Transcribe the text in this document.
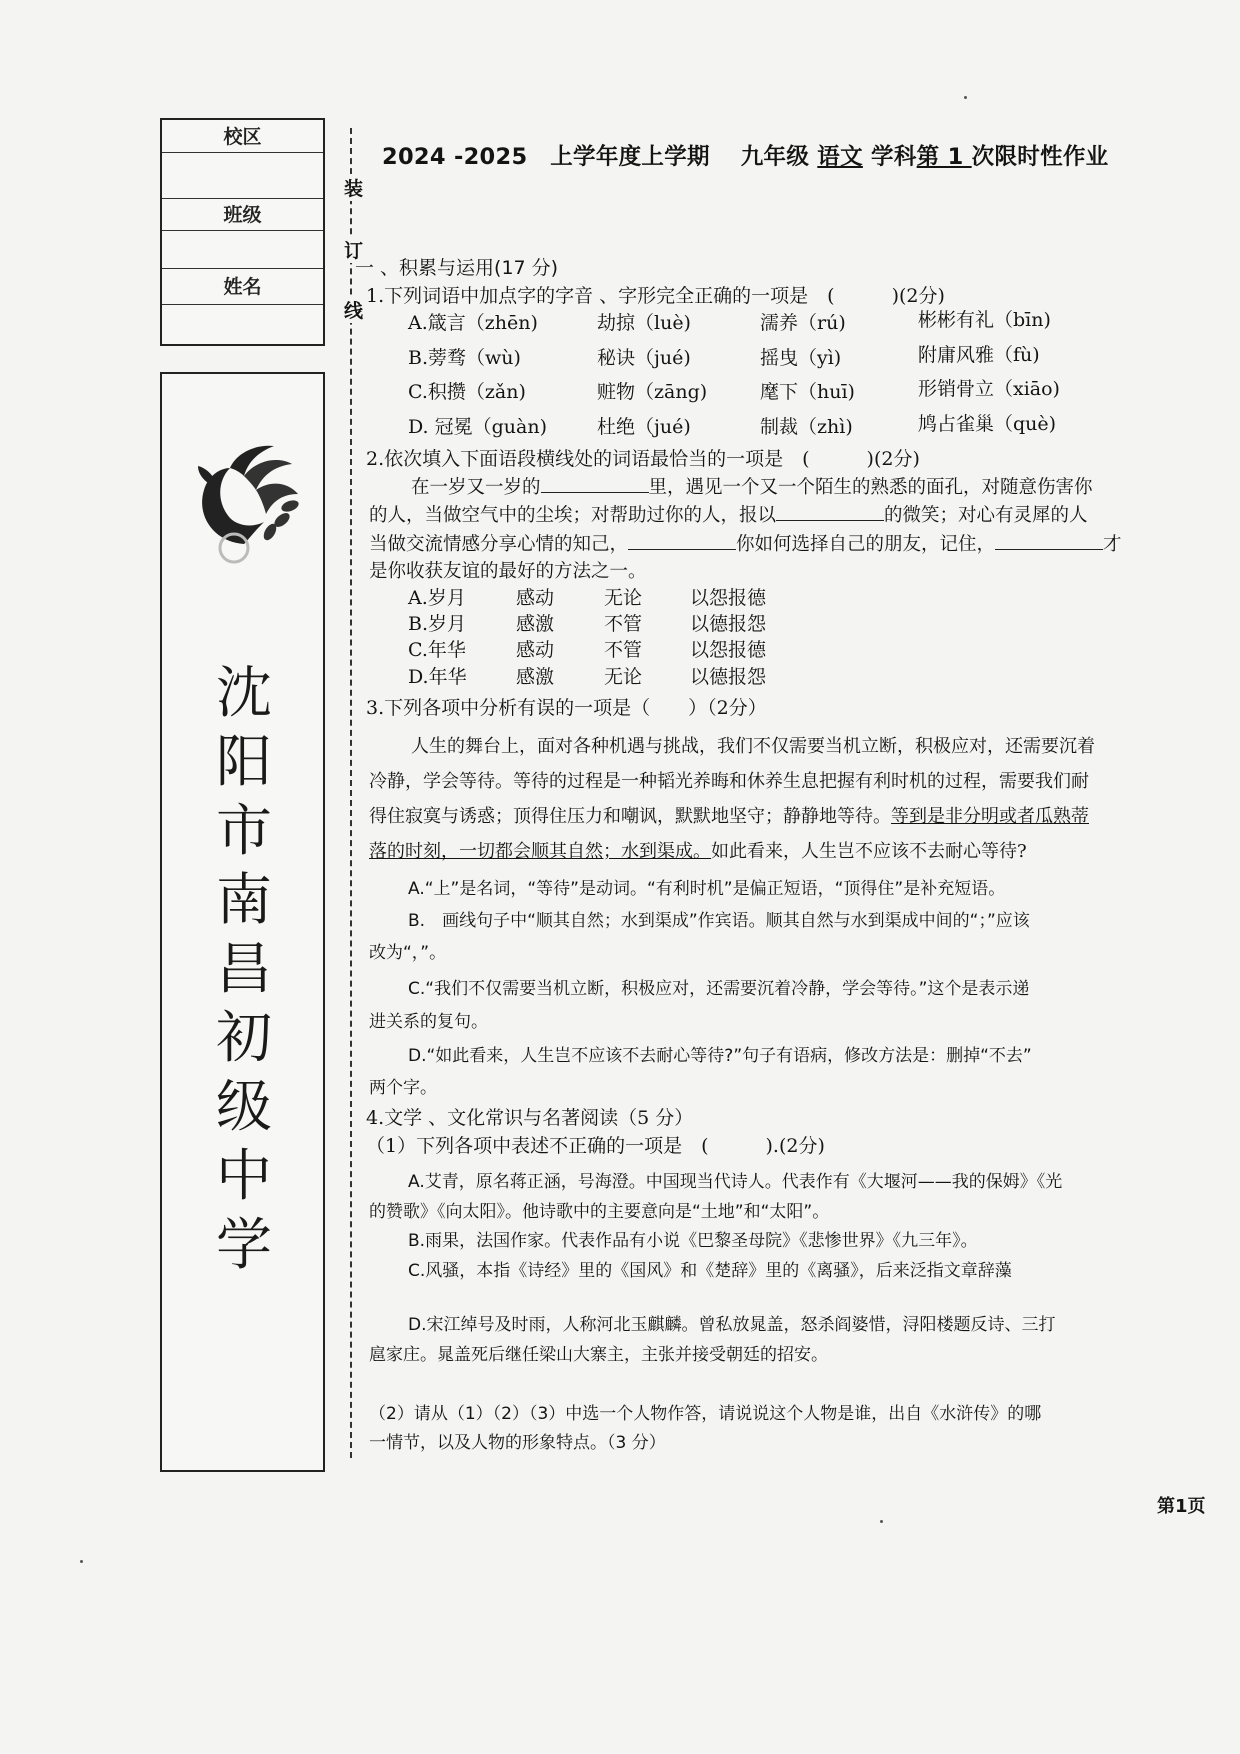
校区
班级
姓名
沈
阳
市
南
昌
初
级
中
学
装
订
线
2024 -2025　上学年度上学期　 九年级 语文 学科第 1 次限时性作业
一 、积累与运用(17 分)
1.下列词语中加点字的字音 、字形完全正确的一项是　(　　　)(2分)
A.箴言（zhēn)	劫掠（luè)	濡养（rú)	彬彬有礼（bīn)
B.蒡骛（wù)	秘诀（jué)	摇曳（yì)	附庸风雅（fù)
C.积攒（zǎn)	赃物（zāng)	麾下（huī)	形销骨立（xiāo)
D. 冠冕（guàn)	杜绝（jué)	制裁（zhì)	鸠占雀巢（què)
2.依次填入下面语段横线处的词语最恰当的一项是　(　　　)(2分)
在一岁又一岁的	里，遇见一个又一个陌生的熟悉的面孔，对随意伤害你
的人，当做空气中的尘埃；对帮助过你的人，报以	的微笑；对心有灵犀的人
当做交流情感分享心情的知己，	你如何选择自己的朋友，记住，	才
是你收获友谊的最好的方法之一。
A.岁月	感动	无论	以怨报德
B.岁月	感激	不管	以德报怨
C.年华	感动	不管	以怨报德
D.年华	感激	无论	以德报怨
3.下列各项中分析有误的一项是（　　）（2分）
人生的舞台上，面对各种机遇与挑战，我们不仅需要当机立断，积极应对，还需要沉着
冷静，学会等待。等待的过程是一种韬光养晦和休养生息把握有利时机的过程，需要我们耐
得住寂寞与诱惑；顶得住压力和嘲讽，默默地坚守；静静地等待。等到是非分明或者瓜熟蒂
落的时刻，一切都会顺其自然；水到渠成。如此看来，人生岂不应该不去耐心等待?
A.“上”是名词，“等待”是动词。“有利时机”是偏正短语，“顶得住”是补充短语。
B.　画线句子中“顺其自然；水到渠成”作宾语。顺其自然与水到渠成中间的“；”应该
改为“，”。
C.“我们不仅需要当机立断，积极应对，还需要沉着冷静，学会等待。”这个是表示递
进关系的复句。
D.“如此看来，人生岂不应该不去耐心等待?”句子有语病，修改方法是：删掉“不去”
两个字。
4.文学 、文化常识与名著阅读（5 分）
（1）下列各项中表述不正确的一项是　(　　　).(2分)
A.艾青，原名蒋正涵，号海澄。中国现当代诗人。代表作有《大堰河——我的保姆》《光
的赞歌》《向太阳》。他诗歌中的主要意向是“土地”和“太阳”。
B.雨果，法国作家。代表作品有小说《巴黎圣母院》《悲惨世界》《九三年》。
C.风骚，本指《诗经》里的《国风》和《楚辞》里的《离骚》，后来泛指文章辞藻
D.宋江绰号及时雨，人称河北玉麒麟。曾私放晁盖，怒杀阎婆惜，浔阳楼题反诗、三打
扈家庄。晁盖死后继任梁山大寨主，主张并接受朝廷的招安。
（2）请从（1）（2）（3）中选一个人物作答，请说说这个人物是谁，出自《水浒传》的哪
一情节，以及人物的形象特点。（3 分）
第1页
